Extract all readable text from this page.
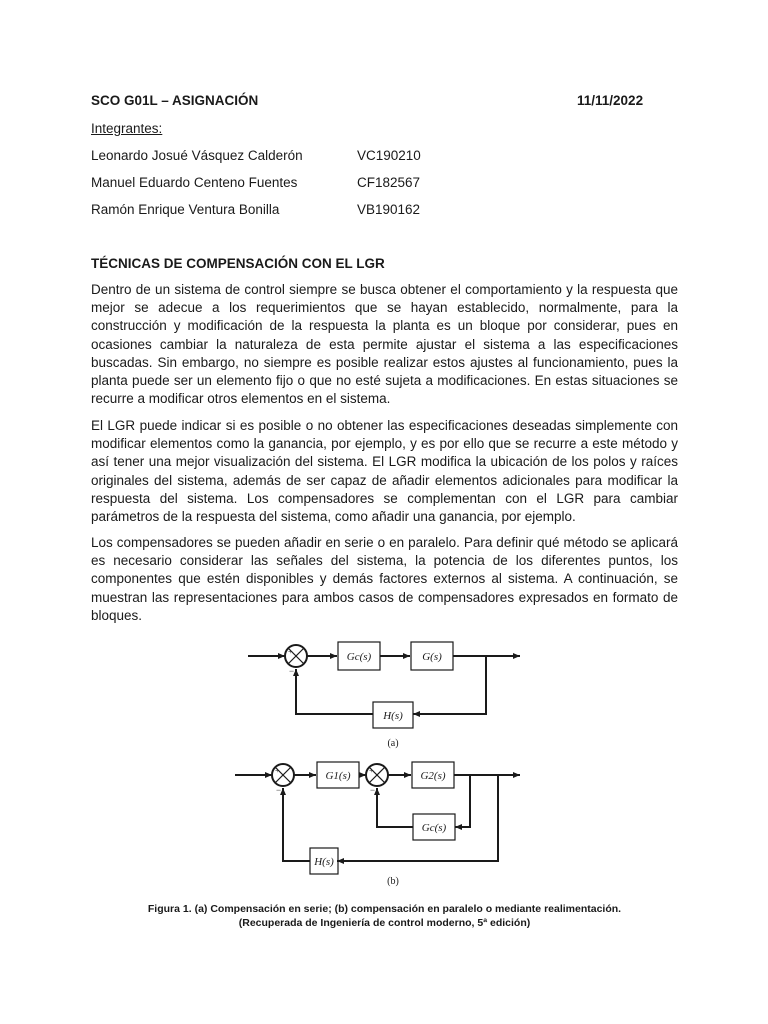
SCO G01L – ASIGNACIÓN	11/11/2022
Integrantes:
Leonardo Josué Vásquez Calderón	VC190210
Manuel Eduardo Centeno Fuentes	CF182567
Ramón Enrique Ventura Bonilla	VB190162
TÉCNICAS DE COMPENSACIÓN CON EL LGR

Dentro de un sistema de control siempre se busca obtener el comportamiento y la respuesta que mejor se adecue a los requerimientos que se hayan establecido, normalmente, para la construcción y modificación de la respuesta la planta es un bloque por considerar, pues en ocasiones cambiar la naturaleza de esta permite ajustar el sistema a las especificaciones buscadas. Sin embargo, no siempre es posible realizar estos ajustes al funcionamiento, pues la planta puede ser un elemento fijo o que no esté sujeta a modificaciones. En estas situaciones se recurre a modificar otros elementos en el sistema.

El LGR puede indicar si es posible o no obtener las especificaciones deseadas simplemente con modificar elementos como la ganancia, por ejemplo, y es por ello que se recurre a este método y así tener una mejor visualización del sistema. El LGR modifica la ubicación de los polos y raíces originales del sistema, además de ser capaz de añadir elementos adicionales para modificar la respuesta del sistema. Los compensadores se complementan con el LGR para cambiar parámetros de la respuesta del sistema, como añadir una ganancia, por ejemplo.

Los compensadores se pueden añadir en serie o en paralelo. Para definir qué método se aplicará es necesario considerar las señales del sistema, la potencia de los diferentes puntos, los componentes que estén disponibles y demás factores externos al sistema. A continuación, se muestran las representaciones para ambos casos de compensadores expresados en formato de bloques.

+
−
Gc(s)	G(s)
H(s)
(a)
+
−
+
−
G1(s)	G2(s)
Gc(s)
H(s)
(b)
Figura 1. (a) Compensación en serie; (b) compensación en paralelo o mediante realimentación.
(Recuperada de Ingeniería de control moderno, 5ª edición)
